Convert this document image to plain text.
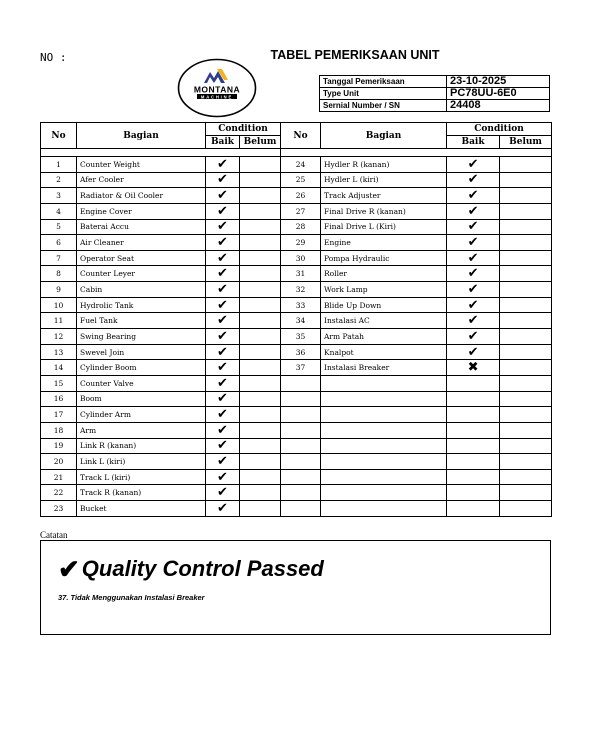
NO :	TABEL PEMERIKSAAN UNIT
MONTANA
MACHINE
Tanggal Pemeriksaan	23-10-2025
Type Unit	PC78UU-6E0
Sernial Number / SN	24408
No	Bagian	Condition		No	Bagian	Condition	
		Baik	Belum			Baik	Belum

1	Counter Weight	✔		24	Hydler R (kanan)	✔	
2	Afer Cooler	✔		25	Hydler L (kiri)	✔	
3	Radiator & Oil Cooler	✔		26	Track Adjuster	✔	
4	Engine Cover	✔		27	Final Drive R (kanan)	✔	
5	Baterai Accu	✔		28	Final Drive L (Kiri)	✔	
6	Air Cleaner	✔		29	Engine	✔	
7	Operator Seat	✔		30	Pompa Hydraulic	✔	
8	Counter Leyer	✔		31	Roller	✔	
9	Cabin	✔		32	Work Lamp	✔	
10	Hydrolic Tank	✔		33	Blide Up Down	✔	
11	Fuel Tank	✔		34	Instalasi AC	✔	
12	Swing Bearing	✔		35	Arm Patah	✔	
13	Swevel Join	✔		36	Knalpot	✔	
14	Cylinder Boom	✔		37	Instalasi Breaker	✖	
15	Counter Valve	✔					
16	Boom	✔					
17	Cylinder Arm	✔					
18	Arm	✔					
19	Link R (kanan)	✔					
20	Link L (kiri)	✔					
21	Track L (kiri)	✔					
22	Track R (kanan)	✔					
23	Bucket	✔					
Catatan
✔Quality Control Passed
37. Tidak Menggunakan Instalasi Breaker
